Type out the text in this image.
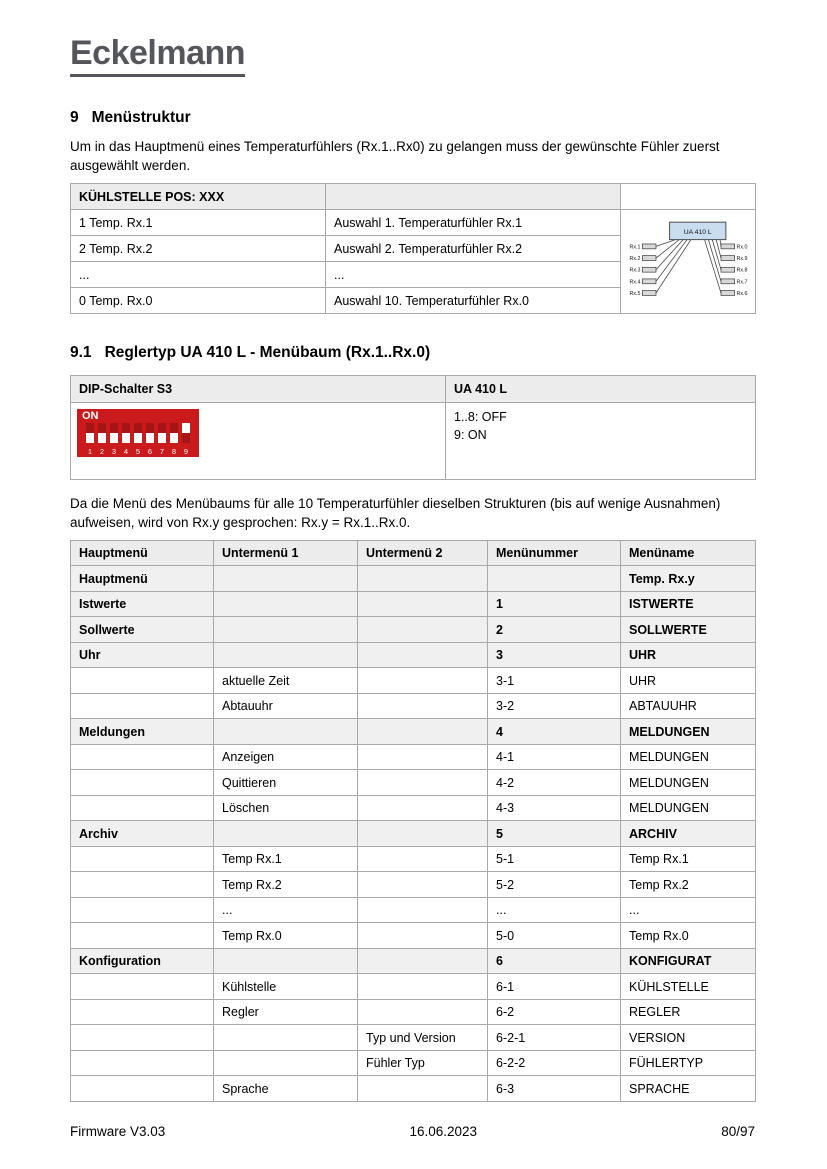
Eckelmann
9 Menüstruktur

Um in das Hauptmenü eines Temperaturfühlers (Rx.1..Rx0) zu gelangen muss der gewünschte Fühler zuerst ausgewählt werden.

KÜHLSTELLE POS: XXX		
1 Temp. Rx.1	Auswahl 1. Temperaturfühler Rx.1	
UA 410 L
Rx.1
Rx.2
Rx.3
Rx.4
Rx.5
Rx.0
Rx.9
Rx.8
Rx.7
Rx.6

2 Temp. Rx.2	Auswahl 2. Temperaturfühler Rx.2	
...	...	
0 Temp. Rx.0	Auswahl 10. Temperaturfühler Rx.0	
9.1 Reglertyp UA 410 L - Menübaum (Rx.1..Rx.0)
DIP-Schalter S3	UA 410 L

ON
1 2 3 4 5 6 7 8 9

1..8: OFF
9: ON

Da die Menü des Menübaums für alle 10 Temperaturfühler dieselben Strukturen (bis auf wenige Ausnahmen) aufweisen, wird von Rx.y gesprochen: Rx.y = Rx.1..Rx.0.

Hauptmenü	Untermenü 1	Untermenü 2	Menünummer	Menüname
Hauptmenü				Temp. Rx.y
Istwerte			1	ISTWERTE
Sollwerte			2	SOLLWERTE
Uhr			3	UHR
	aktuelle Zeit		3-1	UHR
	Abtauuhr		3-2	ABTAUUHR
Meldungen			4	MELDUNGEN
	Anzeigen		4-1	MELDUNGEN
	Quittieren		4-2	MELDUNGEN
	Löschen		4-3	MELDUNGEN
Archiv			5	ARCHIV
	Temp Rx.1		5-1	Temp Rx.1
	Temp Rx.2		5-2	Temp Rx.2
	...		...	...
	Temp Rx.0		5-0	Temp Rx.0
Konfiguration			6	KONFIGURAT
	Kühlstelle		6-1	KÜHLSTELLE
	Regler		6-2	REGLER
		Typ und Version	6-2-1	VERSION
		Fühler Typ	6-2-2	FÜHLERTYP
	Sprache		6-3	SPRACHE
Firmware V3.03	16.06.2023	80/97
